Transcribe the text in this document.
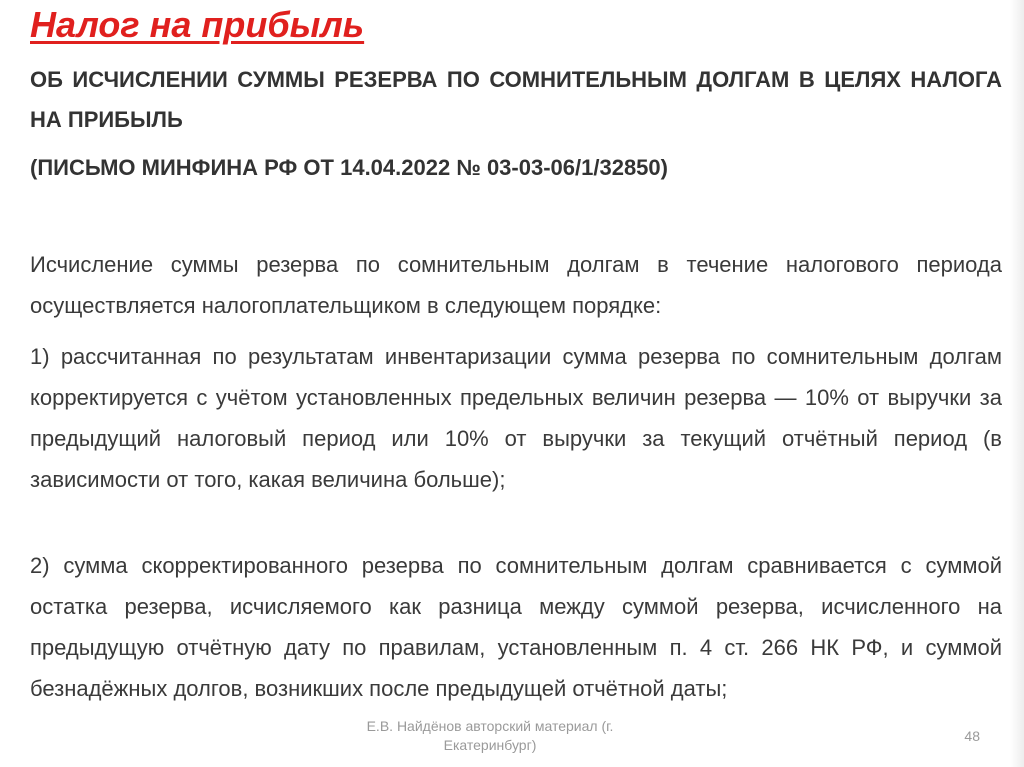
Налог на прибыль
ОБ ИСЧИСЛЕНИИ СУММЫ РЕЗЕРВА ПО СОМНИТЕЛЬНЫМ ДОЛГАМ В ЦЕЛЯХ НАЛОГА НА ПРИБЫЛЬ
(ПИСЬМО МИНФИНА РФ ОТ 14.04.2022 № 03-03-06/1/32850)
Исчисление суммы резерва по сомнительным долгам в течение налогового периода осуществляется налогоплательщиком в следующем порядке:
1) рассчитанная по результатам инвентаризации сумма резерва по сомнительным долгам корректируется с учётом установленных предельных величин резерва — 10% от выручки за предыдущий налоговый период или 10% от выручки за текущий отчётный период (в зависимости от того, какая величина больше);
2) сумма скорректированного резерва по сомнительным долгам сравнивается с суммой остатка резерва, исчисляемого как разница между суммой резерва, исчисленного на предыдущую отчётную дату по правилам, установленным п. 4 ст. 266 НК РФ, и суммой безнадёжных долгов, возникших после предыдущей отчётной даты;
Е.В. Найдёнов авторский материал (г. Екатеринбург)
48
